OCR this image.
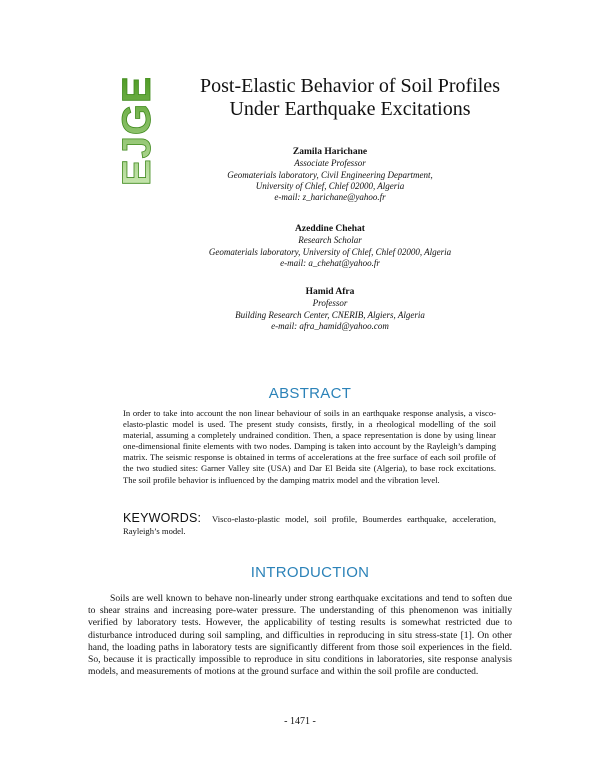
EJGE	Post-Elastic Behavior of Soil Profiles
Under Earthquake Excitations
Zamila Harichane
Associate Professor
Geomaterials laboratory, Civil Engineering Department,
University of Chlef, Chlef 02000, Algeria
e-mail: z_harichane@yahoo.fr
Azeddine Chehat
Research Scholar
Geomaterials laboratory, University of Chlef, Chlef 02000, Algeria
e-mail: a_chehat@yahoo.fr
Hamid Afra
Professor
Building Research Center, CNERIB, Algiers, Algeria
e-mail: afra_hamid@yahoo.com
ABSTRACT
In order to take into account the non linear behaviour of soils in an earthquake response analysis, a visco-elasto-plastic model is used. The present study consists, firstly, in a rheological modelling of the soil material, assuming a completely undrained condition. Then, a space representation is done by using linear one-dimensional finite elements with two nodes. Damping is taken into account by the Rayleigh’s damping matrix. The seismic response is obtained in terms of accelerations at the free surface of each soil profile of the two studied sites: Garner Valley site (USA) and Dar El Beida site (Algeria), to base rock excitations. The soil profile behavior is influenced by the damping matrix model and the vibration level.
KEYWORDS: Visco-elasto-plastic model, soil profile, Boumerdes earthquake, acceleration, Rayleigh’s model.
INTRODUCTION

Soils are well known to behave non-linearly under strong earthquake excitations and tend to soften due to shear strains and increasing pore-water pressure. The understanding of this phenomenon was initially verified by laboratory tests. However, the applicability of testing results is somewhat restricted due to disturbance introduced during soil sampling, and difficulties in reproducing in situ stress-state [1]. On other hand, the loading paths in laboratory tests are significantly different from those soil experiences in the field. So, because it is practically impossible to reproduce in situ conditions in laboratories, site response analysis models, and measurements of motions at the ground surface and within the soil profile are conducted.

- 1471 -
